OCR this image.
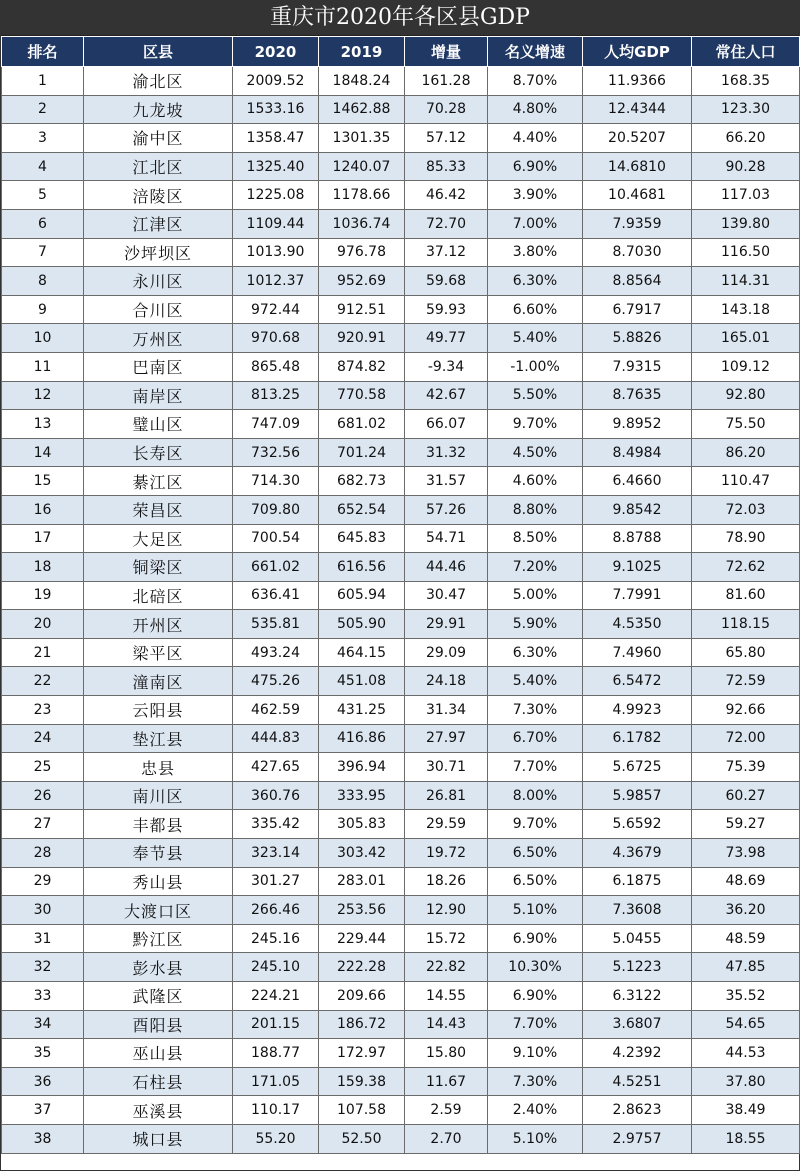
重庆市2020年各区县GDP
排名	区县	2020	2019	增量	名义增速	人均GDP	常住人口
1	渝北区	2009.52	1848.24	161.28	8.70%	11.9366	168.35
2	九龙坡	1533.16	1462.88	70.28	4.80%	12.4344	123.30
3	渝中区	1358.47	1301.35	57.12	4.40%	20.5207	66.20
4	江北区	1325.40	1240.07	85.33	6.90%	14.6810	90.28
5	涪陵区	1225.08	1178.66	46.42	3.90%	10.4681	117.03
6	江津区	1109.44	1036.74	72.70	7.00%	7.9359	139.80
7	沙坪坝区	1013.90	976.78	37.12	3.80%	8.7030	116.50
8	永川区	1012.37	952.69	59.68	6.30%	8.8564	114.31
9	合川区	972.44	912.51	59.93	6.60%	6.7917	143.18
10	万州区	970.68	920.91	49.77	5.40%	5.8826	165.01
11	巴南区	865.48	874.82	-9.34	-1.00%	7.9315	109.12
12	南岸区	813.25	770.58	42.67	5.50%	8.7635	92.80
13	璧山区	747.09	681.02	66.07	9.70%	9.8952	75.50
14	长寿区	732.56	701.24	31.32	4.50%	8.4984	86.20
15	綦江区	714.30	682.73	31.57	4.60%	6.4660	110.47
16	荣昌区	709.80	652.54	57.26	8.80%	9.8542	72.03
17	大足区	700.54	645.83	54.71	8.50%	8.8788	78.90
18	铜梁区	661.02	616.56	44.46	7.20%	9.1025	72.62
19	北碚区	636.41	605.94	30.47	5.00%	7.7991	81.60
20	开州区	535.81	505.90	29.91	5.90%	4.5350	118.15
21	梁平区	493.24	464.15	29.09	6.30%	7.4960	65.80
22	潼南区	475.26	451.08	24.18	5.40%	6.5472	72.59
23	云阳县	462.59	431.25	31.34	7.30%	4.9923	92.66
24	垫江县	444.83	416.86	27.97	6.70%	6.1782	72.00
25	忠县	427.65	396.94	30.71	7.70%	5.6725	75.39
26	南川区	360.76	333.95	26.81	8.00%	5.9857	60.27
27	丰都县	335.42	305.83	29.59	9.70%	5.6592	59.27
28	奉节县	323.14	303.42	19.72	6.50%	4.3679	73.98
29	秀山县	301.27	283.01	18.26	6.50%	6.1875	48.69
30	大渡口区	266.46	253.56	12.90	5.10%	7.3608	36.20
31	黔江区	245.16	229.44	15.72	6.90%	5.0455	48.59
32	彭水县	245.10	222.28	22.82	10.30%	5.1223	47.85
33	武隆区	224.21	209.66	14.55	6.90%	6.3122	35.52
34	酉阳县	201.15	186.72	14.43	7.70%	3.6807	54.65
35	巫山县	188.77	172.97	15.80	9.10%	4.2392	44.53
36	石柱县	171.05	159.38	11.67	7.30%	4.5251	37.80
37	巫溪县	110.17	107.58	2.59	2.40%	2.8623	38.49
38	城口县	55.20	52.50	2.70	5.10%	2.9757	18.55
